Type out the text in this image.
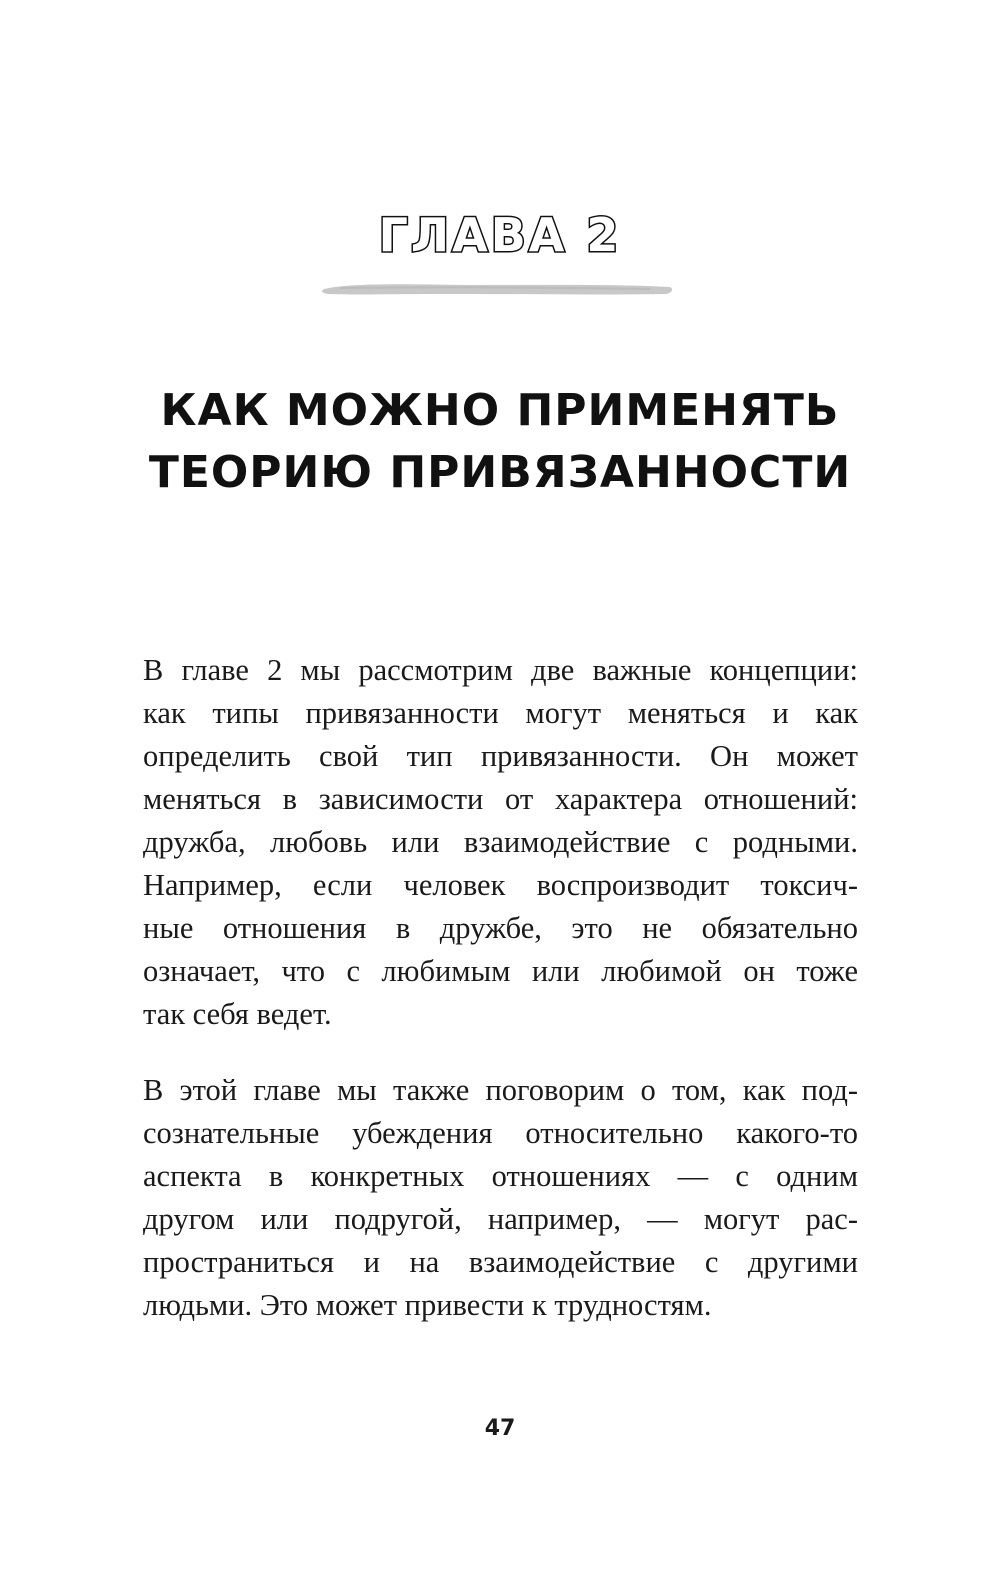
ГЛАВА 2
КАК МОЖНО ПРИМЕНЯТЬ
ТЕОРИЮ ПРИВЯЗАННОСТИ
В главе 2 мы рассмотрим две важные концепции:
как типы привязанности могут меняться и как
определить свой тип привязанности. Он может
меняться в зависимости от характера отношений:
дружба, любовь или взаимодействие с родными.
Например, если человек воспроизводит токсич-
ные отношения в дружбе, это не обязательно
означает, что с любимым или любимой он тоже
так себя ведет.
В этой главе мы также поговорим о том, как под-
сознательные убеждения относительно какого-то
аспекта в конкретных отношениях — с одним
другом или подругой, например, — могут рас-
пространиться и на взаимодействие с другими
людьми. Это может привести к трудностям.
47
